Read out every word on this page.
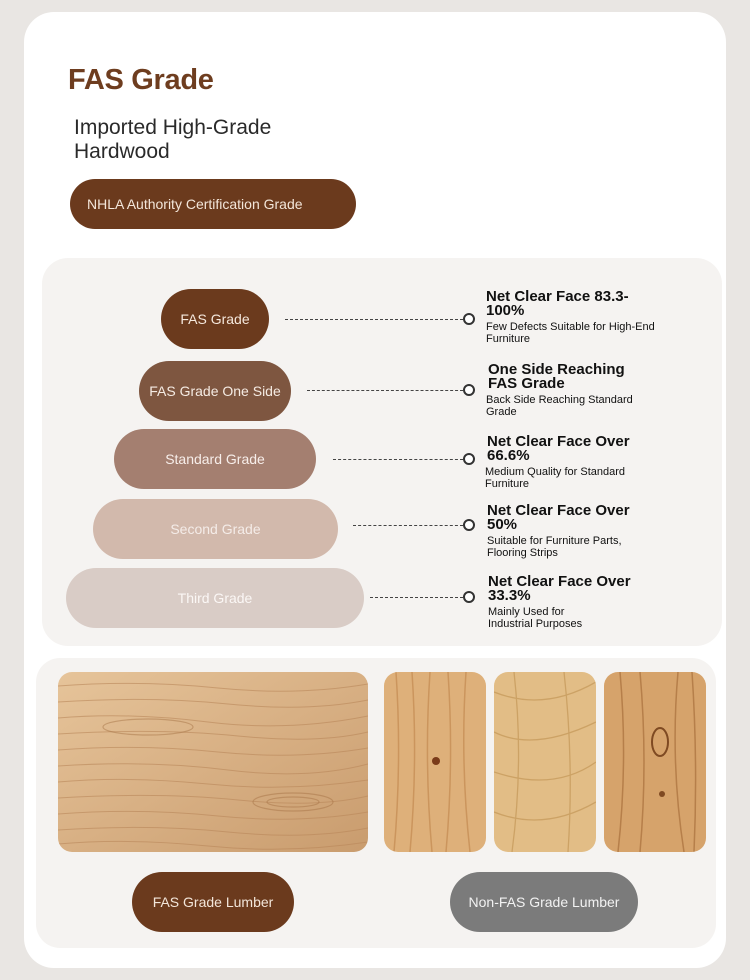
FAS Grade
Imported High-Grade Hardwood
NHLA Authority Certification Grade
FAS Grade
Net Clear Face 83.3-100%
Few Defects Suitable for High-End Furniture
FAS Grade One Side
One Side Reaching FAS Grade
Back Side Reaching Standard Grade
Standard Grade
Net Clear Face Over 66.6%
Medium Quality for Standard Furniture
Second Grade
Net Clear Face Over 50%
Suitable for Furniture Parts, Flooring Strips
Third Grade
Net Clear Face Over 33.3%
Mainly Used for Industrial Purposes
FAS Grade Lumber	Non-FAS Grade Lumber
